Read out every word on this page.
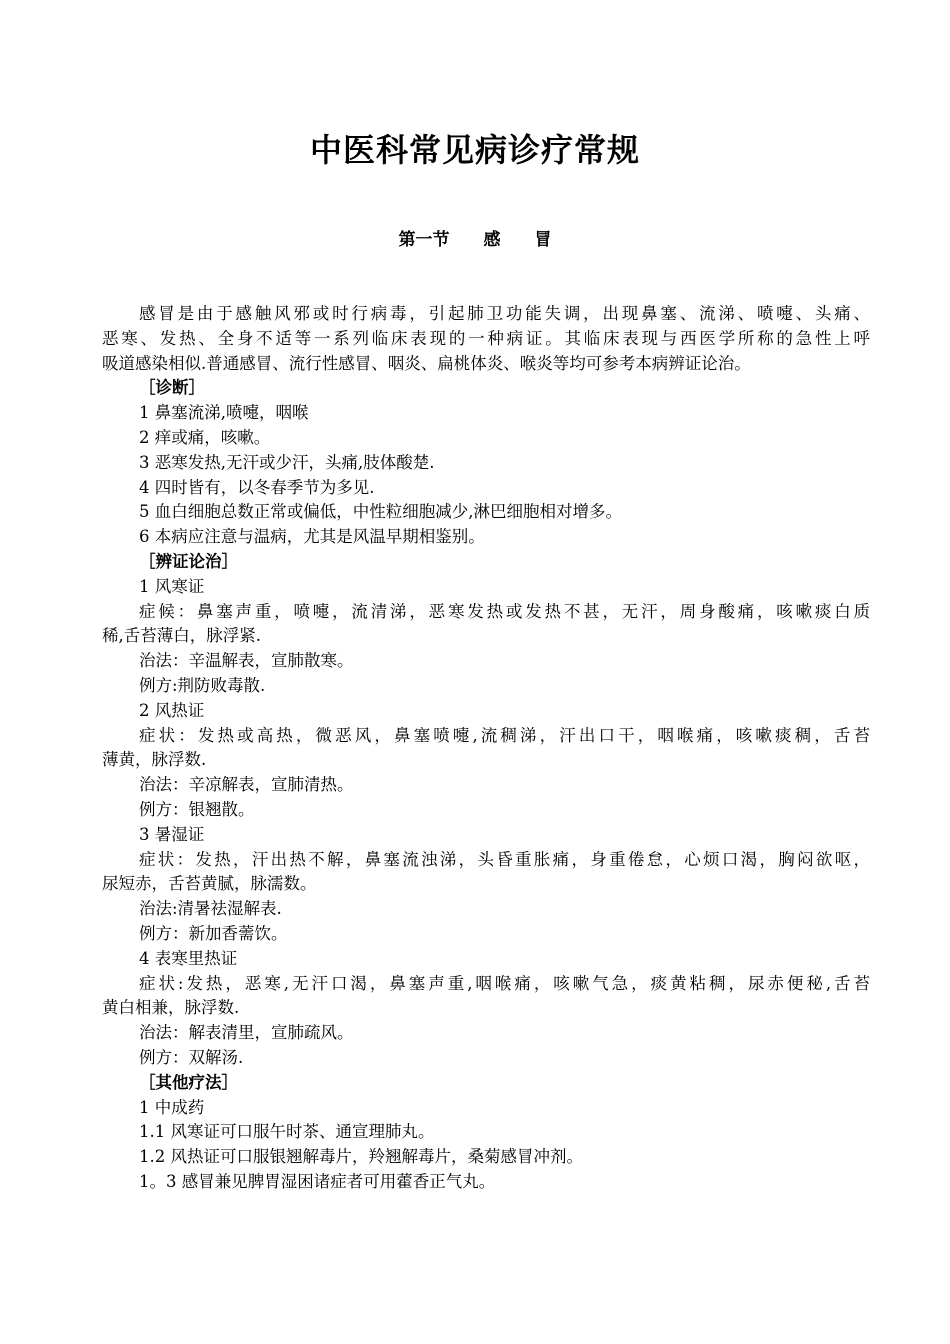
中医科常见病诊疗常规
第一节　　感　　冒
感冒是由于感触风邪或时行病毒，引起肺卫功能失调，出现鼻塞、流涕、喷嚏、头痛、
恶寒、发热、全身不适等一系列临床表现的一种病证。其临床表现与西医学所称的急性上呼
吸道感染相似.普通感冒、流行性感冒、咽炎、扁桃体炎、喉炎等均可参考本病辨证论治。
［诊断］
1 鼻塞流涕,喷嚏，咽喉
2 痒或痛，咳嗽。
3 恶寒发热,无汗或少汗，头痛,肢体酸楚.
4 四时皆有，以冬春季节为多见.
5 血白细胞总数正常或偏低，中性粒细胞减少,淋巴细胞相对增多。
6 本病应注意与温病，尤其是风温早期相鉴别。
［辨证论治］
1 风寒证
症候：鼻塞声重，喷嚏，流清涕，恶寒发热或发热不甚，无汗，周身酸痛，咳嗽痰白质
稀,舌苔薄白，脉浮紧.
治法：辛温解表，宣肺散寒。
例方:荆防败毒散.
2 风热证
症状：发热或高热，微恶风，鼻塞喷嚏,流稠涕，汗出口干，咽喉痛，咳嗽痰稠，舌苔
薄黄，脉浮数.
治法：辛凉解表，宣肺清热。
例方：银翘散。
3 暑湿证
症状：发热，汗出热不解，鼻塞流浊涕，头昏重胀痛，身重倦怠，心烦口渴，胸闷欲呕，
尿短赤，舌苔黄腻，脉濡数。
治法:清暑祛湿解表.
例方：新加香薷饮。
4 表寒里热证
症状:发热，恶寒,无汗口渴，鼻塞声重,咽喉痛，咳嗽气急，痰黄粘稠，尿赤便秘,舌苔
黄白相兼，脉浮数.
治法：解表清里，宣肺疏风。
例方：双解汤.
［其他疗法］
1 中成药
1.1 风寒证可口服午时茶、通宣理肺丸。
1.2 风热证可口服银翘解毒片，羚翘解毒片，桑菊感冒冲剂。
1。3 感冒兼见脾胃湿困诸症者可用藿香正气丸。
